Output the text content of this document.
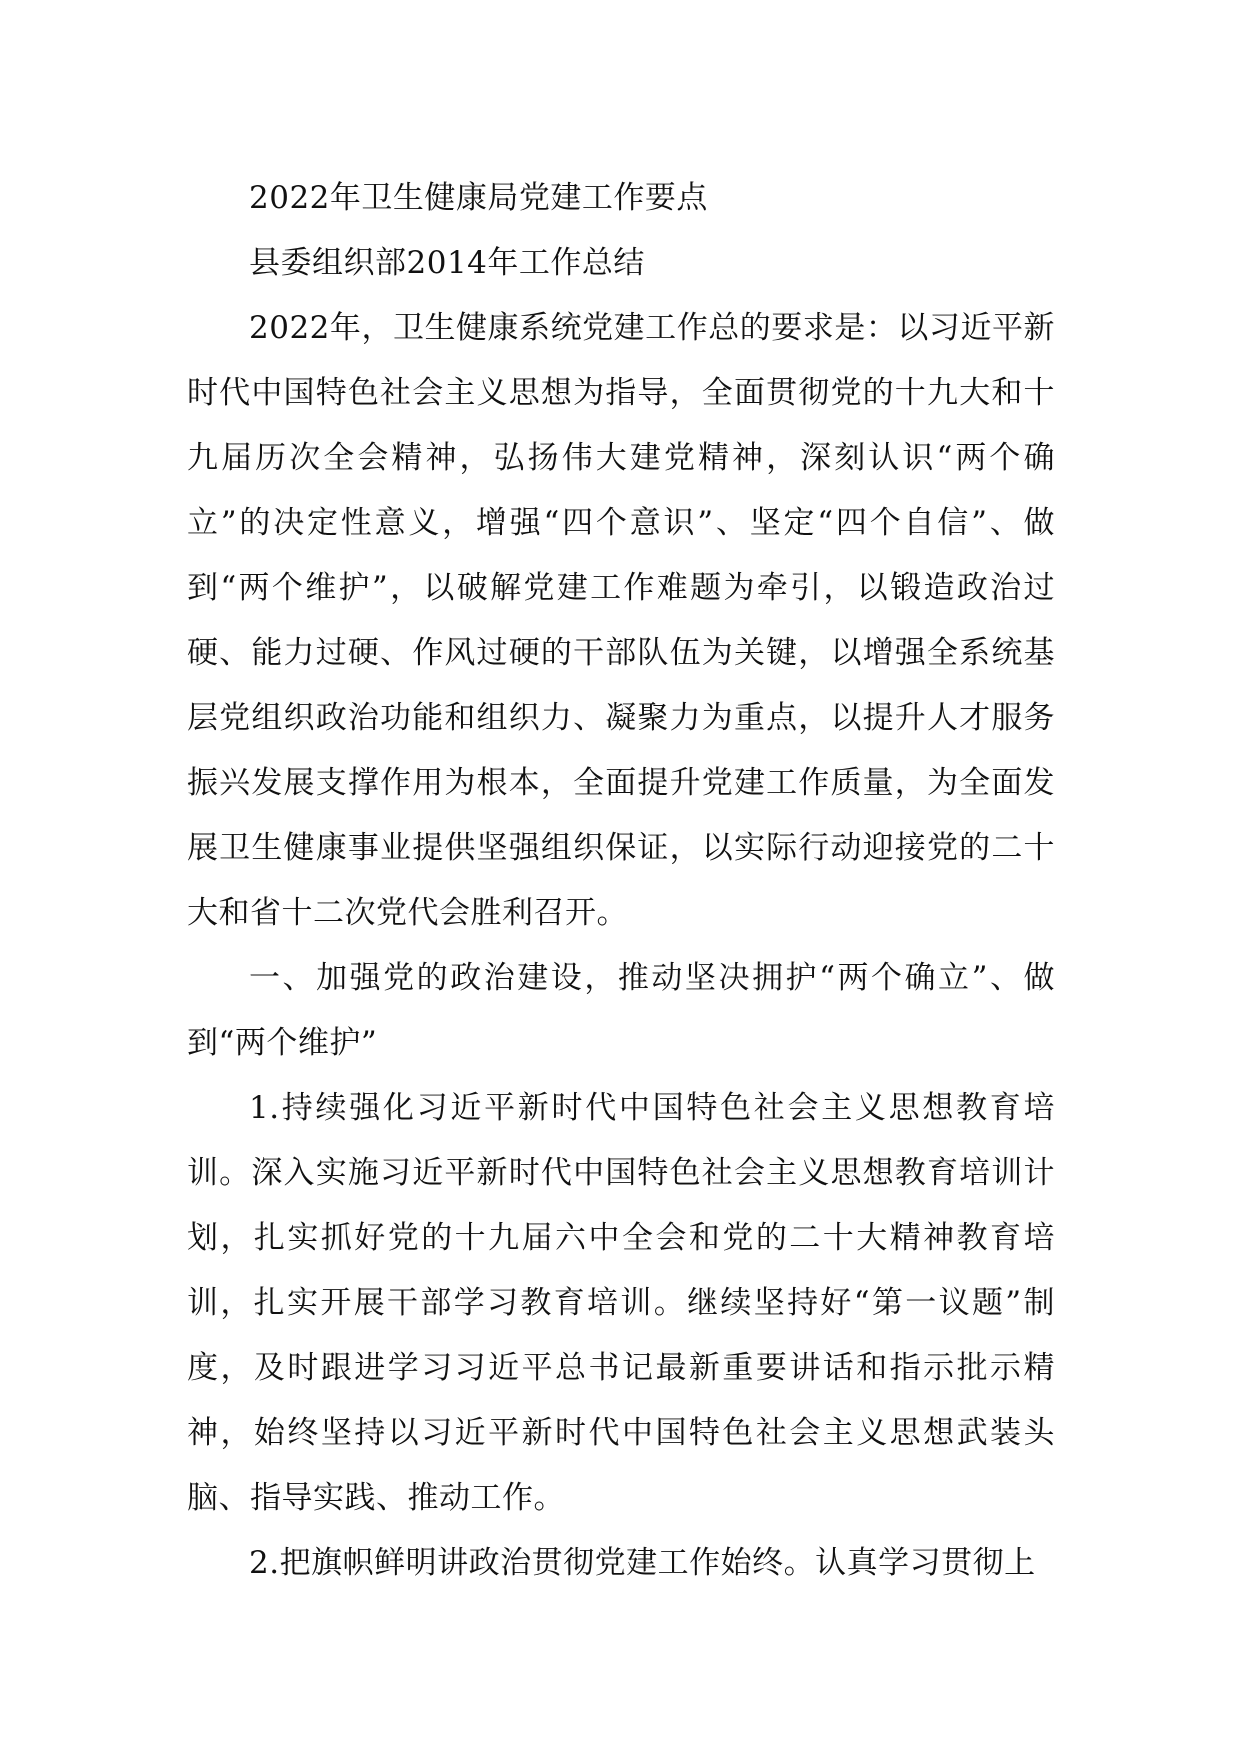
2022年卫生健康局党建工作要点

县委组织部2014年工作总结

2022年，卫生健康系统党建工作总的要求是：以习近平新时代中国特色社会主义思想为指导，全面贯彻党的十九大和十九届历次全会精神，弘扬伟大建党精神，深刻认识“两个确立”的决定性意义，增强“四个意识”、坚定“四个自信”、做到“两个维护”，以破解党建工作难题为牵引，以锻造政治过硬、能力过硬、作风过硬的干部队伍为关键，以增强全系统基层党组织政治功能和组织力、凝聚力为重点，以提升人才服务振兴发展支撑作用为根本，全面提升党建工作质量，为全面发展卫生健康事业提供坚强组织保证，以实际行动迎接党的二十大和省十二次党代会胜利召开。

一、加强党的政治建设，推动坚决拥护“两个确立”、做到“两个维护”

1.持续强化习近平新时代中国特色社会主义思想教育培训。深入实施习近平新时代中国特色社会主义思想教育培训计划，扎实抓好党的十九届六中全会和党的二十大精神教育培训，扎实开展干部学习教育培训。继续坚持好“第一议题”制度，及时跟进学习习近平总书记最新重要讲话和指示批示精神，始终坚持以习近平新时代中国特色社会主义思想武装头脑、指导实践、推动工作。

2.把旗帜鲜明讲政治贯彻党建工作始终。认真学习贯彻上
